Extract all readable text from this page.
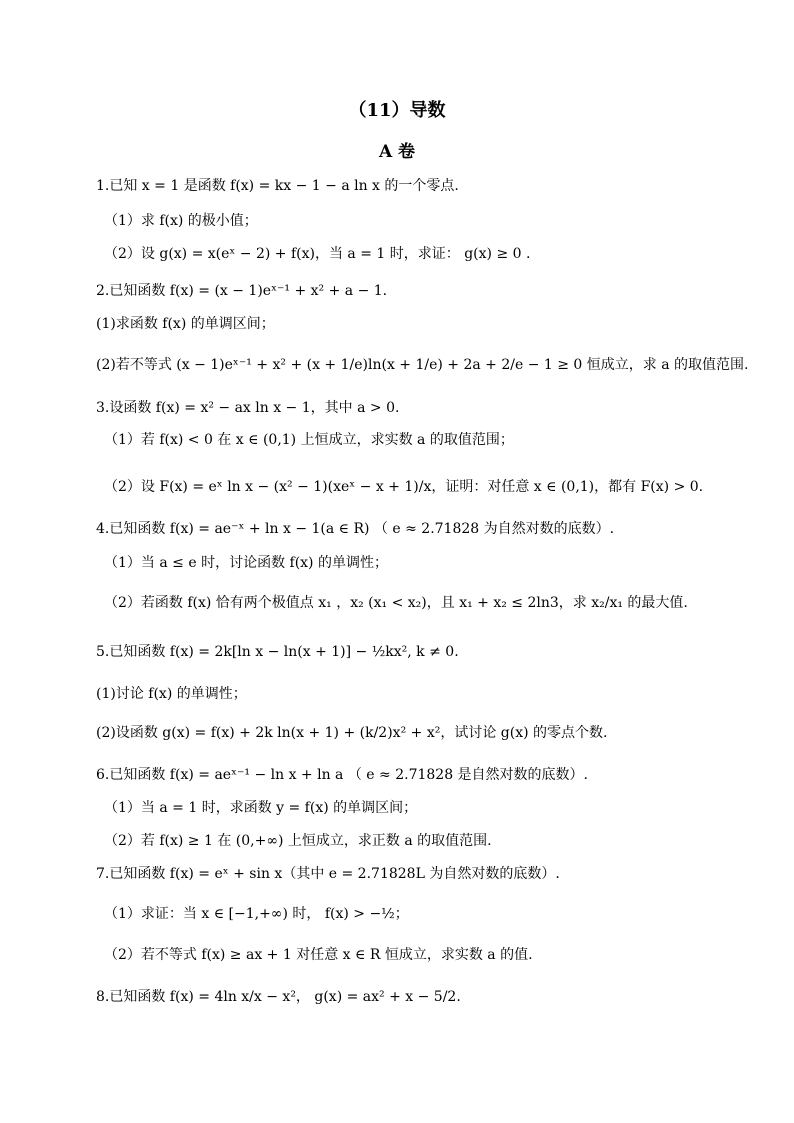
（11）导数
A 卷
1.已知 x = 1 是函数 f(x) = kx − 1 − a ln x 的一个零点.
（1）求 f(x) 的极小值；
（2）设 g(x) = x(eˣ − 2) + f(x)，当 a = 1 时，求证： g(x) ≥ 0 .
2.已知函数 f(x) = (x − 1)eˣ⁻¹ + x² + a − 1.
(1)求函数 f(x) 的单调区间；
(2)若不等式 (x − 1)eˣ⁻¹ + x² + (x + 1/e)ln(x + 1/e) + 2a + 2/e − 1 ≥ 0 恒成立，求 a 的取值范围.
3.设函数 f(x) = x² − ax ln x − 1，其中 a > 0.
（1）若 f(x) < 0 在 x ∈ (0,1) 上恒成立，求实数 a 的取值范围；
（2）设 F(x) = eˣ ln x − (x² − 1)(xeˣ − x + 1)/x，证明：对任意 x ∈ (0,1)，都有 F(x) > 0.
4.已知函数 f(x) = ae⁻ˣ + ln x − 1(a ∈ R) （ e ≈ 2.71828 为自然对数的底数）.
（1）当 a ≤ e 时，讨论函数 f(x) 的单调性；
（2）若函数 f(x) 恰有两个极值点 x₁ ，x₂ (x₁ < x₂)，且 x₁ + x₂ ≤ 2ln3，求 x₂/x₁ 的最大值.
5.已知函数 f(x) = 2k[ln x − ln(x + 1)] − ½kx², k ≠ 0.
(1)讨论 f(x) 的单调性；
(2)设函数 g(x) = f(x) + 2k ln(x + 1) + (k/2)x² + x²，试讨论 g(x) 的零点个数.
6.已知函数 f(x) = aeˣ⁻¹ − ln x + ln a （ e ≈ 2.71828 是自然对数的底数）.
（1）当 a = 1 时，求函数 y = f(x) 的单调区间；
（2）若 f(x) ≥ 1 在 (0,+∞) 上恒成立，求正数 a 的取值范围.
7.已知函数 f(x) = eˣ + sin x（其中 e = 2.71828L 为自然对数的底数）.
（1）求证：当 x ∈ [−1,+∞) 时， f(x) > −½；
（2）若不等式 f(x) ≥ ax + 1 对任意 x ∈ R 恒成立，求实数 a 的值.
8.已知函数 f(x) = 4ln x/x − x²， g(x) = ax² + x − 5/2.
